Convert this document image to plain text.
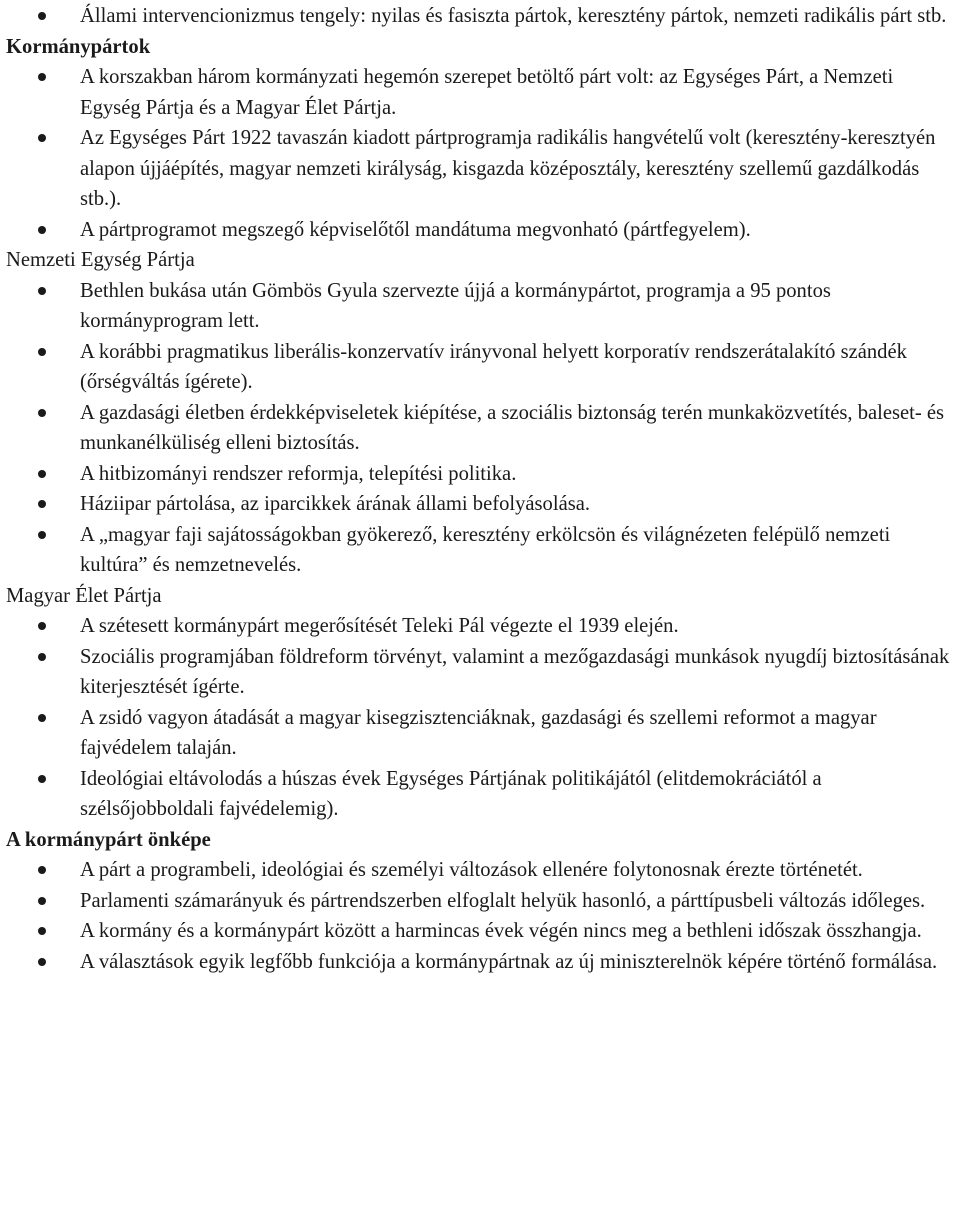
Állami intervencionizmus tengely: nyilas és fasiszta pártok, keresztény pártok, nemzeti radikális párt stb.
Kormánypártok
A korszakban három kormányzati hegemón szerepet betöltő párt volt: az Egységes Párt, a Nemzeti Egység Pártja és a Magyar Élet Pártja.
Az Egységes Párt 1922 tavaszán kiadott pártprogramja radikális hangvételű volt (keresztény-keresztyén alapon újjáépítés, magyar nemzeti királyság, kisgazda középosztály, keresztény szellemű gazdálkodás stb.).
A pártprogramot megszegő képviselőtől mandátuma megvonható (pártfegyelem).
Nemzeti Egység Pártja
Bethlen bukása után Gömbös Gyula szervezte újjá a kormánypártot, programja a 95 pontos kormányprogram lett.
A korábbi pragmatikus liberális-konzervatív irányvonal helyett korporatív rendszerátalakító szándék (őrségváltás ígérete).
A gazdasági életben érdekképviseletek kiépítése, a szociális biztonság terén munkaközvetítés, baleset- és munkanélküliség elleni biztosítás.
A hitbizományi rendszer reformja, telepítési politika.
Háziipar pártolása, az iparcikkek árának állami befolyásolása.
A „magyar faji sajátosságokban gyökerező, keresztény erkölcsön és világnézeten felépülő nemzeti kultúra” és nemzetnevelés.
Magyar Élet Pártja
A szétesett kormánypárt megerősítését Teleki Pál végezte el 1939 elején.
Szociális programjában földreform törvényt, valamint a mezőgazdasági munkások nyugdíj biztosításának kiterjesztését ígérte.
A zsidó vagyon átadását a magyar kisegzisztenciáknak, gazdasági és szellemi reformot a magyar fajvédelem talaján.
Ideológiai eltávolodás a húszas évek Egységes Pártjának politikájától (elitdemokráciától a szélsőjobboldali fajvédelemig).
A kormánypárt önképe
A párt a programbeli, ideológiai és személyi változások ellenére folytonosnak érezte történetét.
Parlamenti számarányuk és pártrendszerben elfoglalt helyük hasonló, a párttípusbeli változás időleges.
A kormány és a kormánypárt között a harmincas évek végén nincs meg a bethleni időszak összhangja.
A választások egyik legfőbb funkciója a kormánypártnak az új miniszterelnök képére történő formálása.
